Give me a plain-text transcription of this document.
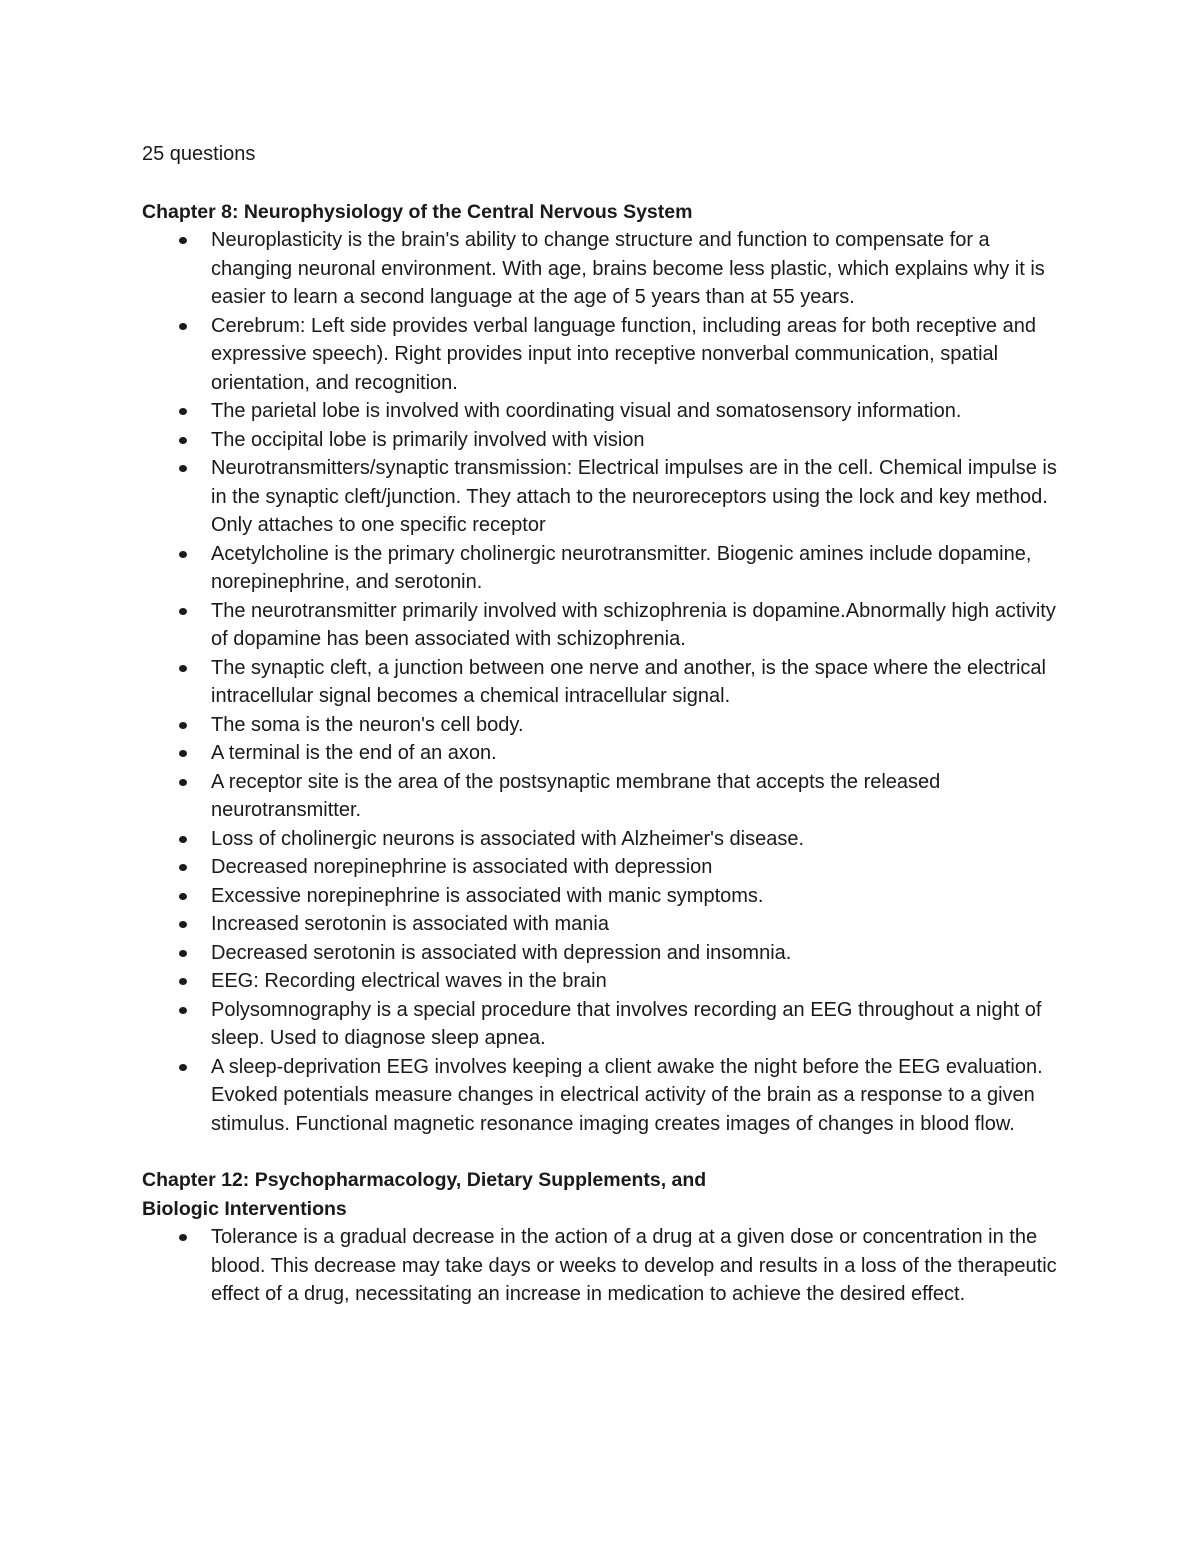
25 questions

Chapter 8: Neurophysiology of the Central Nervous System
Neuroplasticity is the brain's ability to change structure and function to compensate for a changing neuronal environment. With age, brains become less plastic, which explains why it is easier to learn a second language at the age of 5 years than at 55 years.
Cerebrum: Left side provides verbal language function, including areas for both receptive and expressive speech). Right provides input into receptive nonverbal communication, spatial orientation, and recognition.
The parietal lobe is involved with coordinating visual and somatosensory information.
The occipital lobe is primarily involved with vision
Neurotransmitters/synaptic transmission: Electrical impulses are in the cell. Chemical impulse is in the synaptic cleft/junction. They attach to the neuroreceptors using the lock and key method. Only attaches to one specific receptor
Acetylcholine is the primary cholinergic neurotransmitter. Biogenic amines include dopamine, norepinephrine, and serotonin.
The neurotransmitter primarily involved with schizophrenia is dopamine.Abnormally high activity of dopamine has been associated with schizophrenia.
The synaptic cleft, a junction between one nerve and another, is the space where the electrical intracellular signal becomes a chemical intracellular signal.
The soma is the neuron's cell body.
A terminal is the end of an axon.
A receptor site is the area of the postsynaptic membrane that accepts the released neurotransmitter.
Loss of cholinergic neurons is associated with Alzheimer's disease.
Decreased norepinephrine is associated with depression
Excessive norepinephrine is associated with manic symptoms.
Increased serotonin is associated with mania
Decreased serotonin is associated with depression and insomnia.
EEG: Recording electrical waves in the brain
Polysomnography is a special procedure that involves recording an EEG throughout a night of sleep. Used to diagnose sleep apnea.
A sleep-deprivation EEG involves keeping a client awake the night before the EEG evaluation. Evoked potentials measure changes in electrical activity of the brain as a response to a given stimulus. Functional magnetic resonance imaging creates images of changes in blood flow.
Chapter 12: Psychopharmacology, Dietary Supplements, and
Biologic Interventions
Tolerance is a gradual decrease in the action of a drug at a given dose or concentration in the blood. This decrease may take days or weeks to develop and results in a loss of the therapeutic effect of a drug, necessitating an increase in medication to achieve the desired effect.
